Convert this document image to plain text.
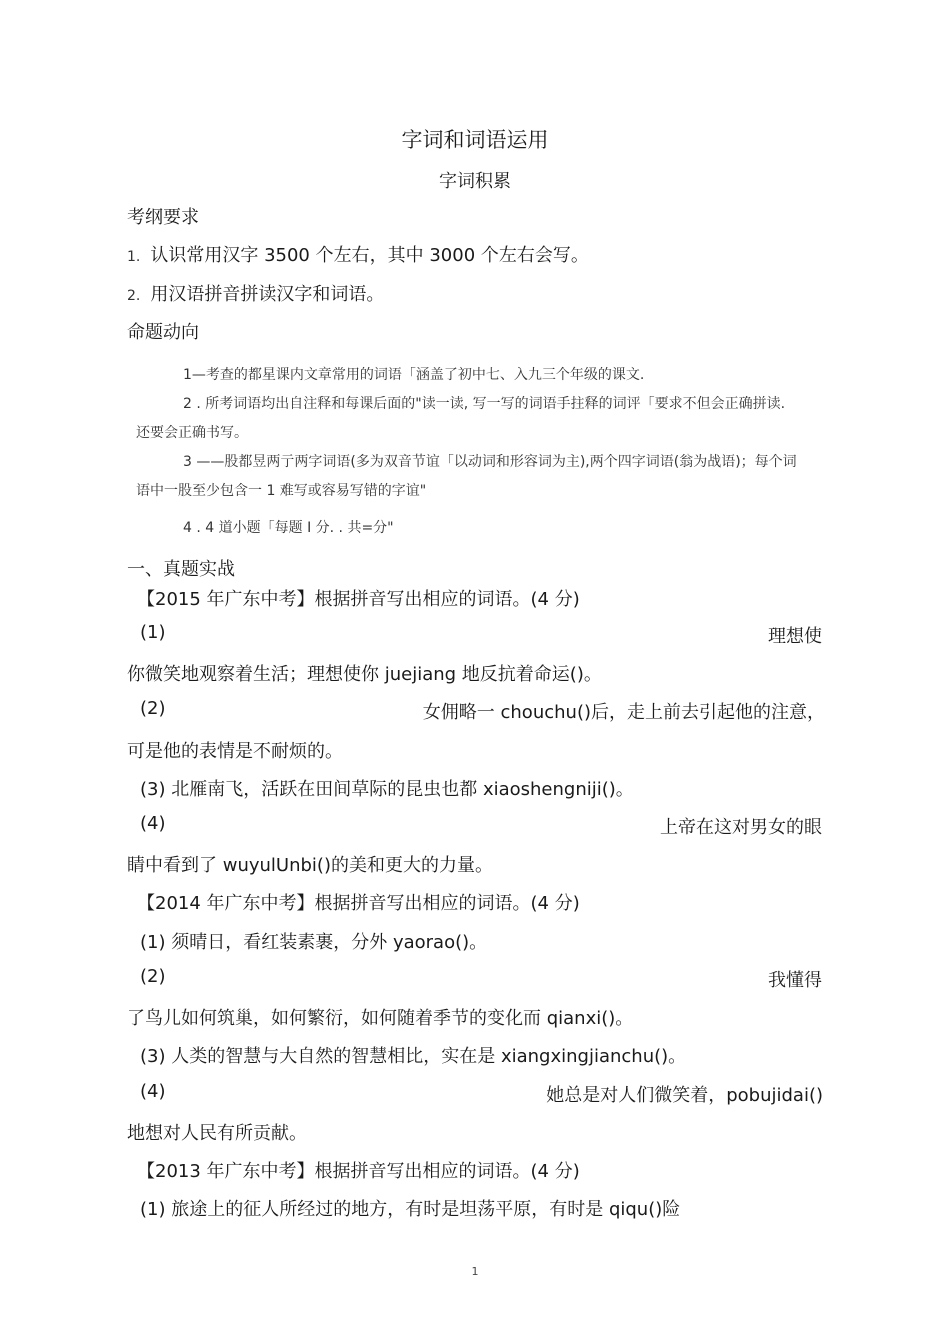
字词和词语运用
字词积累
考纲要求
1. 认识常用汉字 3500 个左右，其中 3000 个左右会写。
2. 用汉语拼音拼读汉字和词语。
命题动向
1—考查的都星课内文章常用的词语「涵盖了初中七、入九三个年级的课文.
2 . 所考词语均出自注释和每课后面的"读一读, 写一写的词语手拄释的词评「要求不但会正确拼读.
还要会正确书写。
3 ——股都昱两亍两字词语(多为双音节谊「以动词和形容词为主),两个四字词语(翁为战语)；每个词
语中一股至少包含一 1 难写或容易写错的字谊"
4 . 4 道小题「每题 I 分. . 共=分"
一、真题实战
【2015 年广东中考】根据拼音写出相应的词语。(4 分)
(1)	理想使
你微笑地观察着生活；理想使你 juejiang 地反抗着命运()。
(2)	女佣略一 chouchu()后，走上前去引起他的注意，
可是他的表情是不耐烦的。
(3) 北雁南飞，活跃在田间草际的昆虫也都 xiaoshengniji()。
(4)	上帝在这对男女的眼
睛中看到了 wuyulUnbi()的美和更大的力量。
【2014 年广东中考】根据拼音写出相应的词语。(4 分)
(1) 须晴日，看红装素裹，分外 yaorao()。
(2)	我懂得
了鸟儿如何筑巢，如何繁衍，如何随着季节的变化而 qianxi()。
(3) 人类的智慧与大自然的智慧相比，实在是 xiangxingjianchu()。
(4)	她总是对人们微笑着，pobujidai()
地想对人民有所贡献。
【2013 年广东中考】根据拼音写出相应的词语。(4 分)
(1) 旅途上的征人所经过的地方，有时是坦荡平原，有时是 qiqu()险
1
